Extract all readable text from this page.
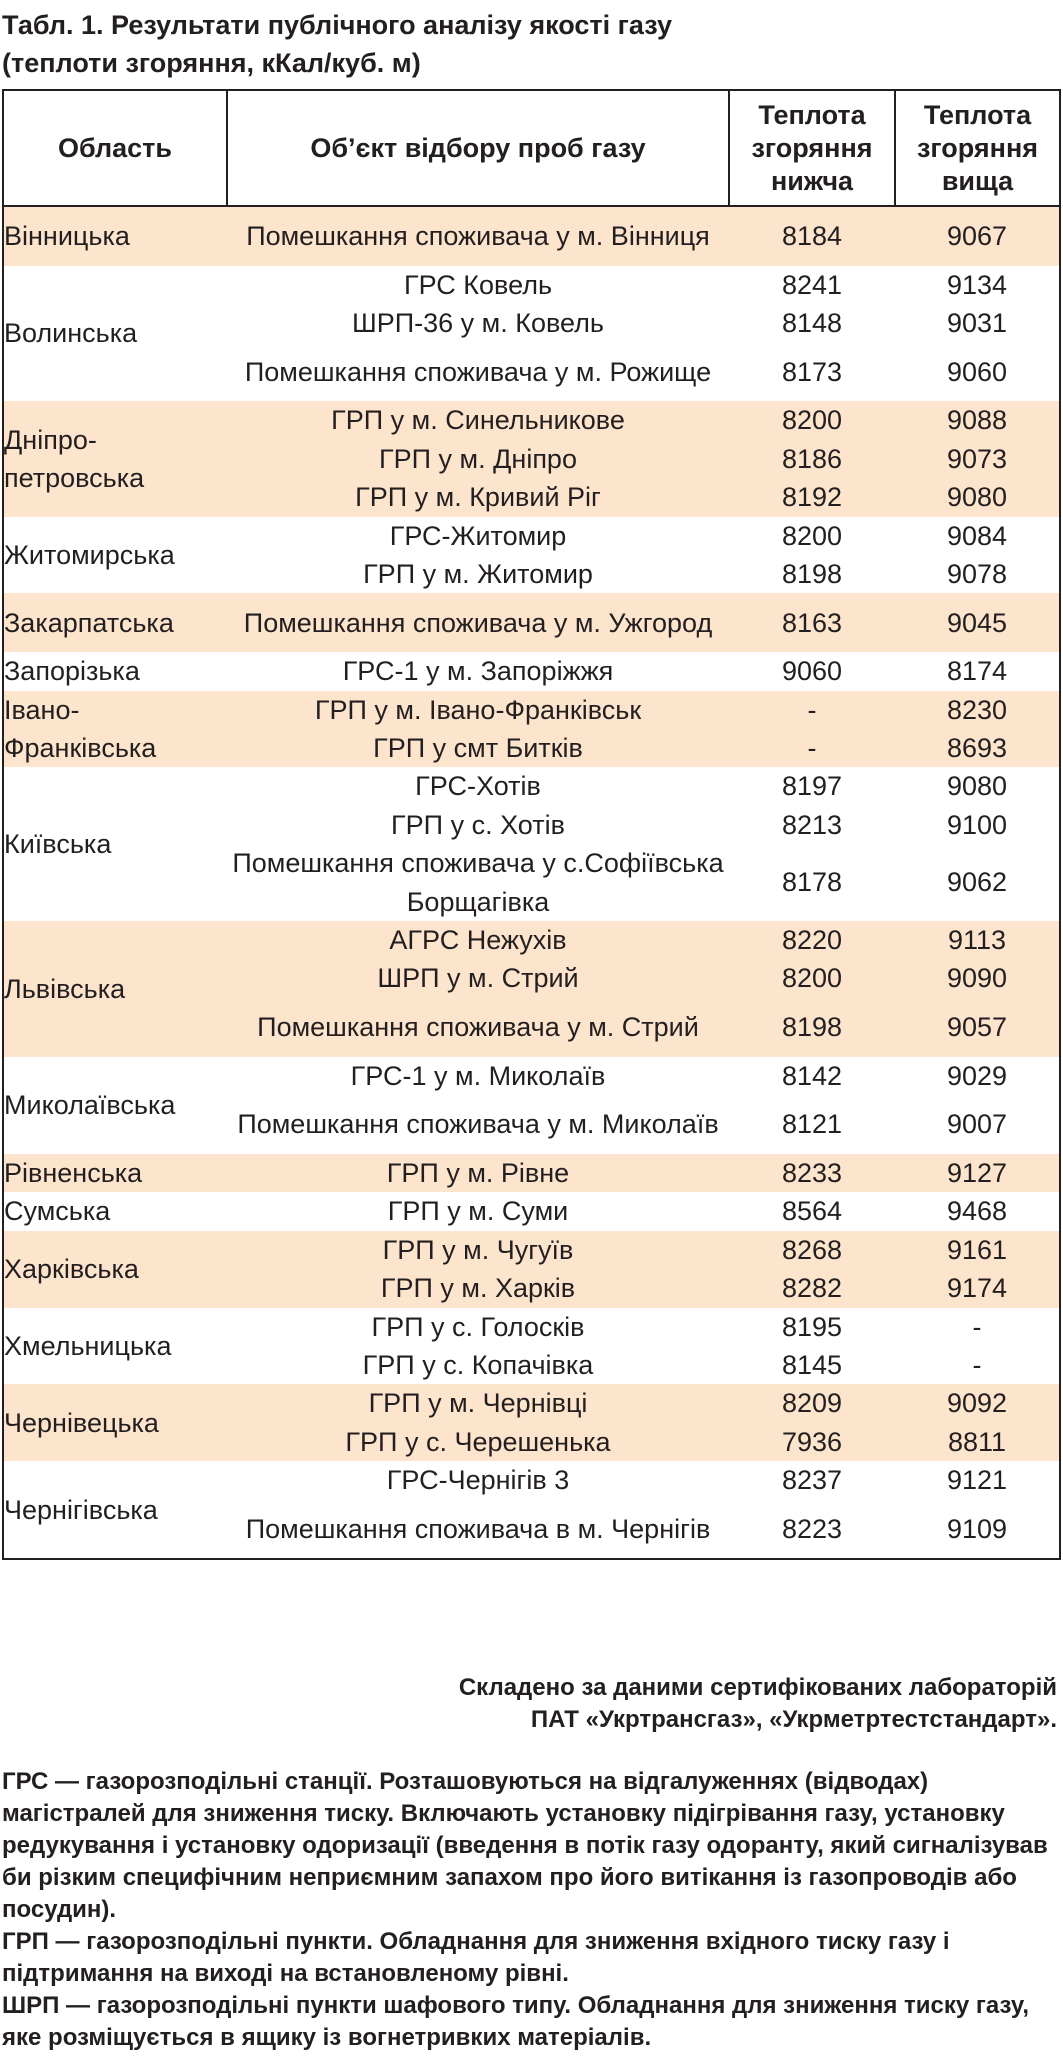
Табл. 1. Результати публічного аналізу якості газу
(теплоти згоряння, кКал/куб. м)
Область	Об’єкт відбору проб газу	Теплота згоряння нижча	Теплота згоряння вища
Вінницька	Помешкання споживача у м. Вінниця	8184	9067
Волинська	ГРС Ковель	8241	9134
	ШРП-36 у м. Ковель	8148	9031
	Помешкання споживача у м. Рожище	8173	9060
Дніпро-петровська	ГРП у м. Синельникове	8200	9088
	ГРП у м. Дніпро	8186	9073
	ГРП у м. Кривий Ріг	8192	9080
Житомирська	ГРС-Житомир	8200	9084
	ГРП у м. Житомир	8198	9078
Закарпатська	Помешкання споживача у м. Ужгород	8163	9045
Запорізька	ГРС-1 у м. Запоріжжя	9060	8174
Івано-Франківська	ГРП у м. Івано-Франківськ	-	8230
	ГРП у смт Битків	-	8693
Київська	ГРС-Хотів	8197	9080
	ГРП у с. Хотів	8213	9100
	Помешкання споживача у с.Софіївська Борщагівка	8178	9062
Львівська	АГРС Нежухів	8220	9113
	ШРП у м. Стрий	8200	9090
	Помешкання споживача у м. Стрий	8198	9057
Миколаївська	ГРС-1 у м. Миколаїв	8142	9029
	Помешкання споживача у м. Миколаїв	8121	9007
Рівненська	ГРП у м. Рівне	8233	9127
Сумська	ГРП у м. Суми	8564	9468
Харківська	ГРП у м. Чугуїв	8268	9161
	ГРП у м. Харків	8282	9174
Хмельницька	ГРП у с. Голосків	8195	-
	ГРП у с. Копачівка	8145	-
Чернівецька	ГРП у м. Чернівці	8209	9092
	ГРП у с. Черешенька	7936	8811
Чернігівська	ГРС-Чернігів 3	8237	9121
	Помешкання споживача в м. Чернігів	8223	9109
Складено за даними сертифікованих лабораторій
ПАТ «Укртрансгаз», «Укрметртестстандарт».

ГРС — газорозподільні станції. Розташовуються на відгалуженнях (відводах) магістралей для зниження тиску. Включають установку підігрівання газу, установку редукування і установку одоризації (введення в потік газу одоранту, який сигналізував би різким специфічним неприємним запахом про його витікання із газопроводів або посудин).

ГРП — газорозподільні пункти. Обладнання для зниження вхідного тиску газу і підтримання на виході на встановленому рівні.

ШРП — газорозподільні пункти шафового типу. Обладнання для зниження тиску газу, яке розміщується в ящику із вогнетривких матеріалів.
